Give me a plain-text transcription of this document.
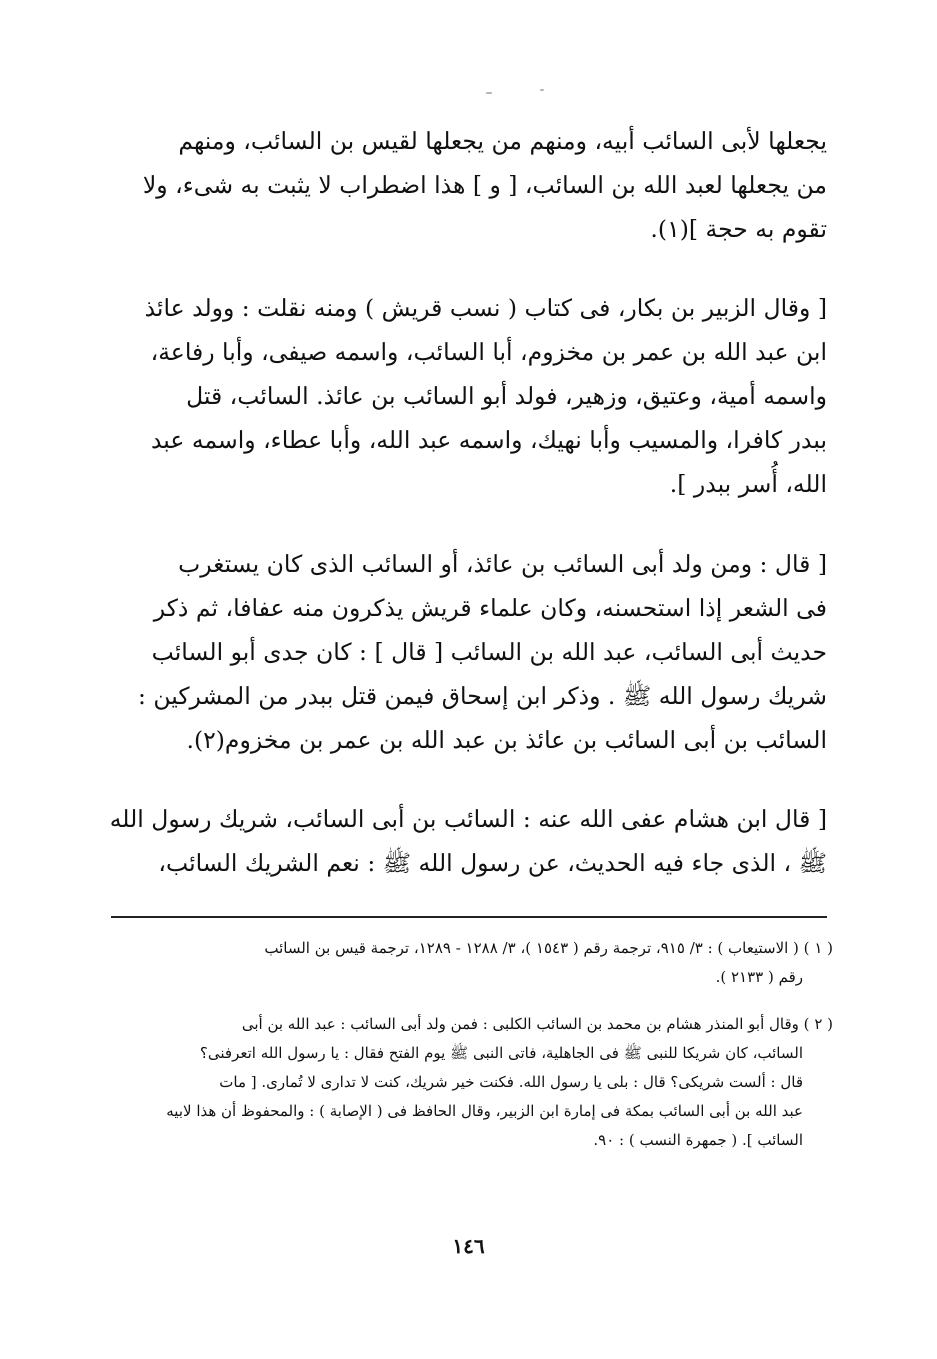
يجعلها لأبى السائب أبيه، ومنهم من يجعلها لقيس بن السائب، ومنهم
من يجعلها لعبد الله بن السائب، [ و ] هذا اضطراب لا يثبت به شىء، ولا
تقوم به حجة ](١).
[ وقال الزبير بن بكار، فى كتاب ( نسب قريش ) ومنه نقلت : وولد عائذ
ابن عبد الله بن عمر بن مخزوم، أبا السائب، واسمه صيفى، وأبا رفاعة،
واسمه أمية، وعتيق، وزهير، فولد أبو السائب بن عائذ. السائب، قتل
ببدر كافرا، والمسيب وأبا نهيك، واسمه عبد الله، وأبا عطاء، واسمه عبد
الله، أُسر ببدر ].
[ قال : ومن ولد أبى السائب بن عائذ، أو السائب الذى كان يستغرب
فى الشعر إذا استحسنه، وكان علماء قريش يذكرون منه عفافا، ثم ذكر
حديث أبى السائب، عبد الله بن السائب [ قال ] : كان جدى أبو السائب
شريك رسول الله ﷺ . وذكر ابن إسحاق فيمن قتل ببدر من المشركين :
السائب بن أبى السائب بن عائذ بن عبد الله بن عمر بن مخزوم(٢).
[ قال ابن هشام عفى الله عنه : السائب بن أبى السائب، شريك رسول الله
ﷺ ، الذى جاء فيه الحديث، عن رسول الله ﷺ : نعم الشريك السائب،
( ١ ) ( الاستيعاب ) : ٣/ ٩١٥، ترجمة رقم ( ١٥٤٣ )، ٣/ ١٢٨٨ - ١٢٨٩، ترجمة قيس بن السائب
رقم ( ٢١٣٣ ).
( ٢ ) وقال أبو المنذر هشام بن محمد بن السائب الكلبى : فمن ولد أبى السائب : عبد الله بن أبى
السائب، كان شريكا للنبى ﷺ فى الجاهلية، فاتى النبى ﷺ يوم الفتح فقال : يا رسول الله اتعرفنى؟
قال : ألست شريكى؟ قال : بلى يا رسول الله. فكنت خير شريك، كنت لا تدارى لا تُمارى. [ مات
عبد الله بن أبى السائب بمكة فى إمارة ابن الزبير، وقال الحافظ فى ( الإصابة ) : والمحفوظ أن هذا لابيه
السائب ]. ( جمهرة النسب ) : ٩٠.
١٤٦
